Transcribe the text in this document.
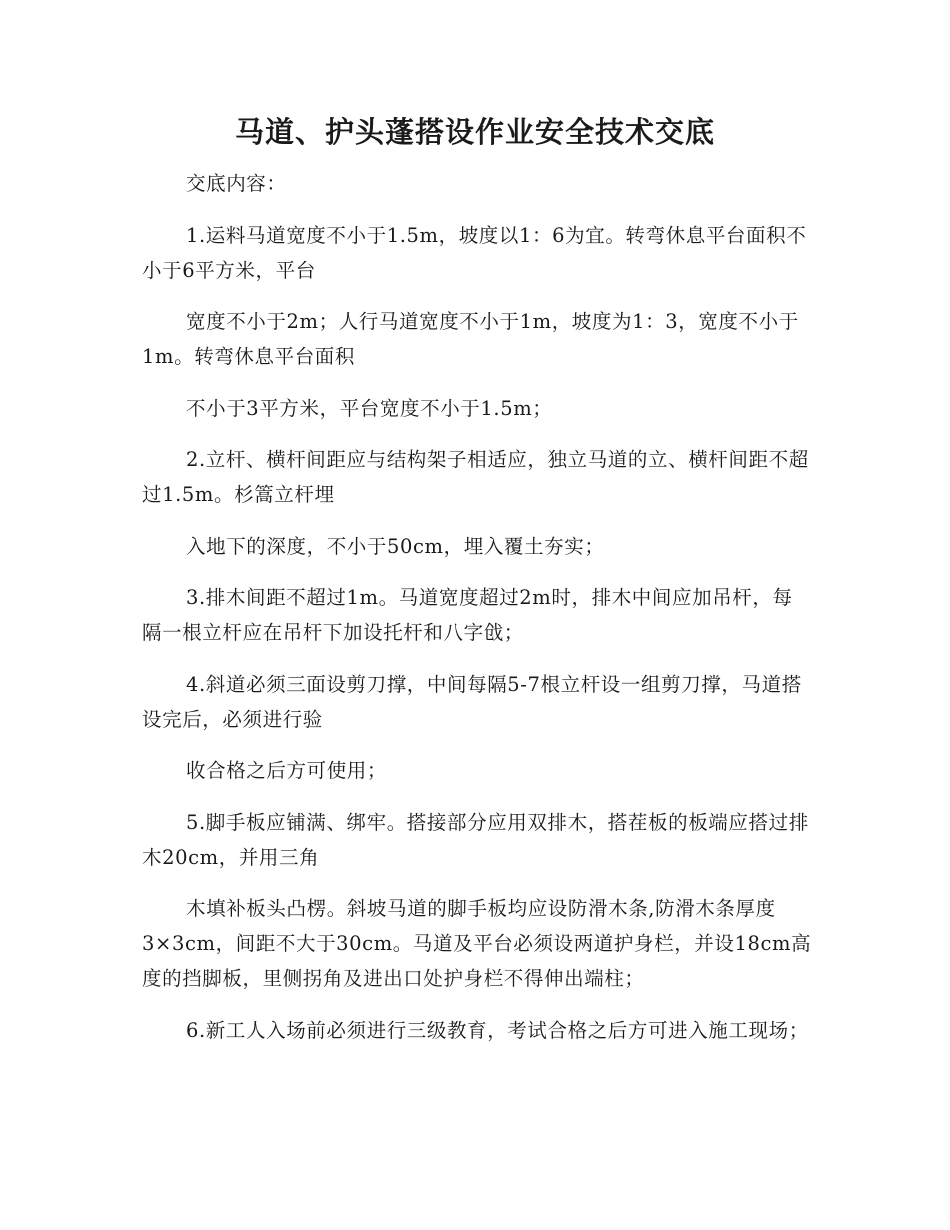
马道、护头蓬搭设作业安全技术交底

交底内容：

1.运料马道宽度不小于1.5m，坡度以1：6为宜。转弯休息平台面积不小于6平方米，平台

宽度不小于2m；人行马道宽度不小于1m，坡度为1：3，宽度不小于1m。转弯休息平台面积

不小于3平方米，平台宽度不小于1.5m；

2.立杆、横杆间距应与结构架子相适应，独立马道的立、横杆间距不超过1.5m。杉篙立杆埋

入地下的深度，不小于50cm，埋入覆土夯实；

3.排木间距不超过1m。马道宽度超过2m时，排木中间应加吊杆，每隔一根立杆应在吊杆下加设托杆和八字戗；

4.斜道必须三面设剪刀撑，中间每隔5-7根立杆设一组剪刀撑，马道搭设完后，必须进行验

收合格之后方可使用；

5.脚手板应铺满、绑牢。搭接部分应用双排木，搭茬板的板端应搭过排木20cm，并用三角

木填补板头凸楞。斜坡马道的脚手板均应设防滑木条,防滑木条厚度3×3cm，间距不大于30cm。马道及平台必须设两道护身栏，并设18cm高度的挡脚板，里侧拐角及进出口处护身栏不得伸出端柱；

6.新工人入场前必须进行三级教育，考试合格之后方可进入施工现场；
